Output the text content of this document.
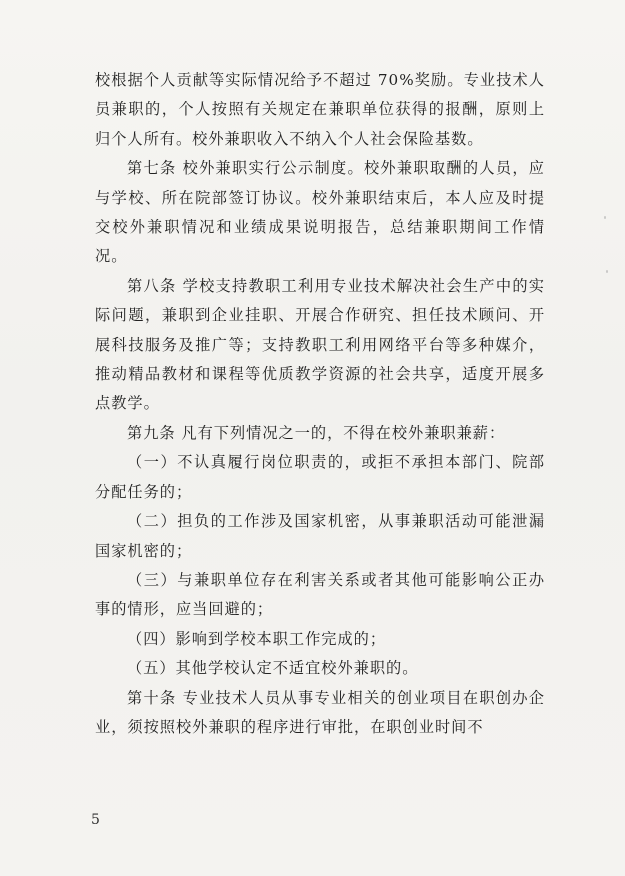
校根据个人贡献等实际情况给予不超过 70%奖励。专业技术人员兼职的，个人按照有关规定在兼职单位获得的报酬，原则上归个人所有。校外兼职收入不纳入个人社会保险基数。

第七条 校外兼职实行公示制度。校外兼职取酬的人员，应与学校、所在院部签订协议。校外兼职结束后，本人应及时提交校外兼职情况和业绩成果说明报告，总结兼职期间工作情况。

第八条 学校支持教职工利用专业技术解决社会生产中的实际问题，兼职到企业挂职、开展合作研究、担任技术顾问、开展科技服务及推广等；支持教职工利用网络平台等多种媒介，推动精品教材和课程等优质教学资源的社会共享，适度开展多点教学。

第九条 凡有下列情况之一的，不得在校外兼职兼薪：

（一）不认真履行岗位职责的，或拒不承担本部门、院部分配任务的；

（二）担负的工作涉及国家机密，从事兼职活动可能泄漏国家机密的；

（三）与兼职单位存在利害关系或者其他可能影响公正办事的情形，应当回避的；

（四）影响到学校本职工作完成的；

（五）其他学校认定不适宜校外兼职的。

第十条 专业技术人员从事专业相关的创业项目在职创办企业，须按照校外兼职的程序进行审批，在职创业时间不

5
